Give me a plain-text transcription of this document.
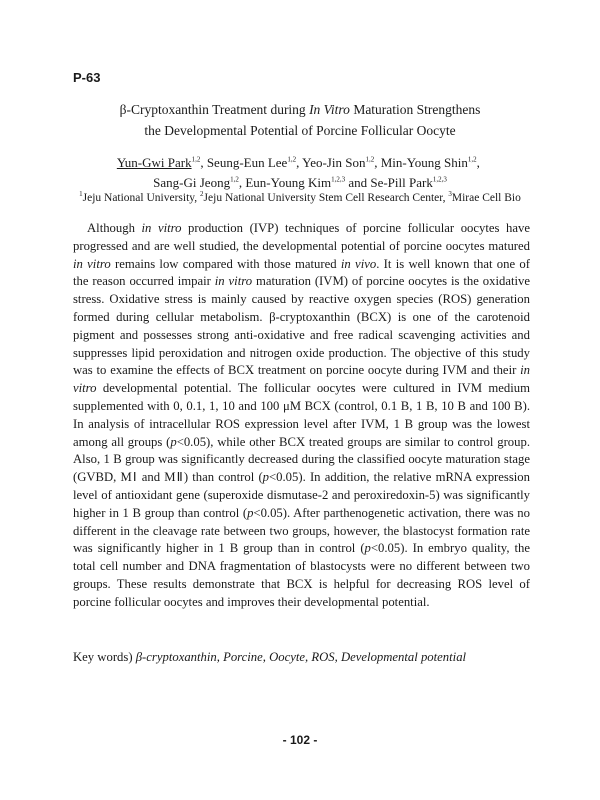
P-63
β-Cryptoxanthin Treatment during In Vitro Maturation Strengthens
the Developmental Potential of Porcine Follicular Oocyte
Yun-Gwi Park$^{1,2}$, Seung-Eun Lee$^{1,2}$, Yeo-Jin Son$^{1,2}$, Min-Young Shin$^{1,2}$,
Sang-Gi Jeong$^{1,2}$, Eun-Young Kim$^{1,2,3}$ and Se-Pill Park$^{1,2,3}$
$^1$Jeju National University, $^2$Jeju National University Stem Cell Research Center, $^3$Mirae Cell Bio

Although in vitro production (IVP) techniques of porcine follicular oocytes have progressed and are well studied, the developmental potential of porcine oocytes matured in vitro remains low compared with those matured in vivo. It is well known that one of the reason occurred impair in vitro maturation (IVM) of porcine oocytes is the oxidative stress. Oxidative stress is mainly caused by reactive oxygen species (ROS) generation formed during cellular metabolism. β-cryptoxanthin (BCX) is one of the carotenoid pigment and possesses strong anti-oxidative and free radical scavenging activities and suppresses lipid peroxidation and nitrogen oxide production. The objective of this study was to examine the effects of BCX treatment on porcine oocyte during IVM and their in vitro developmental potential. The follicular oocytes were cultured in IVM medium supplemented with 0, 0.1, 1, 10 and 100 μM BCX (control, 0.1 B, 1 B, 10 B and 100 B). In analysis of intracellular ROS expression level after IVM, 1 B group was the lowest among all groups (p<0.05), while other BCX treated groups are similar to control group. Also, 1 B group was significantly decreased during the classified oocyte maturation stage (GVBD, MⅠ and MⅡ) than control (p<0.05). In addition, the relative mRNA expression level of antioxidant gene (superoxide dismutase-2 and peroxiredoxin-5) was significantly higher in 1 B group than control (p<0.05). After parthenogenetic activation, there was no different in the cleavage rate between two groups, however, the blastocyst formation rate was significantly higher in 1 B group than in control (p<0.05). In embryo quality, the total cell number and DNA fragmentation of blastocysts were no different between two groups. These results demonstrate that BCX is helpful for decreasing ROS level of porcine follicular oocytes and improves their developmental potential.

Key words) β-cryptoxanthin, Porcine, Oocyte, ROS, Developmental potential
- 102 -
